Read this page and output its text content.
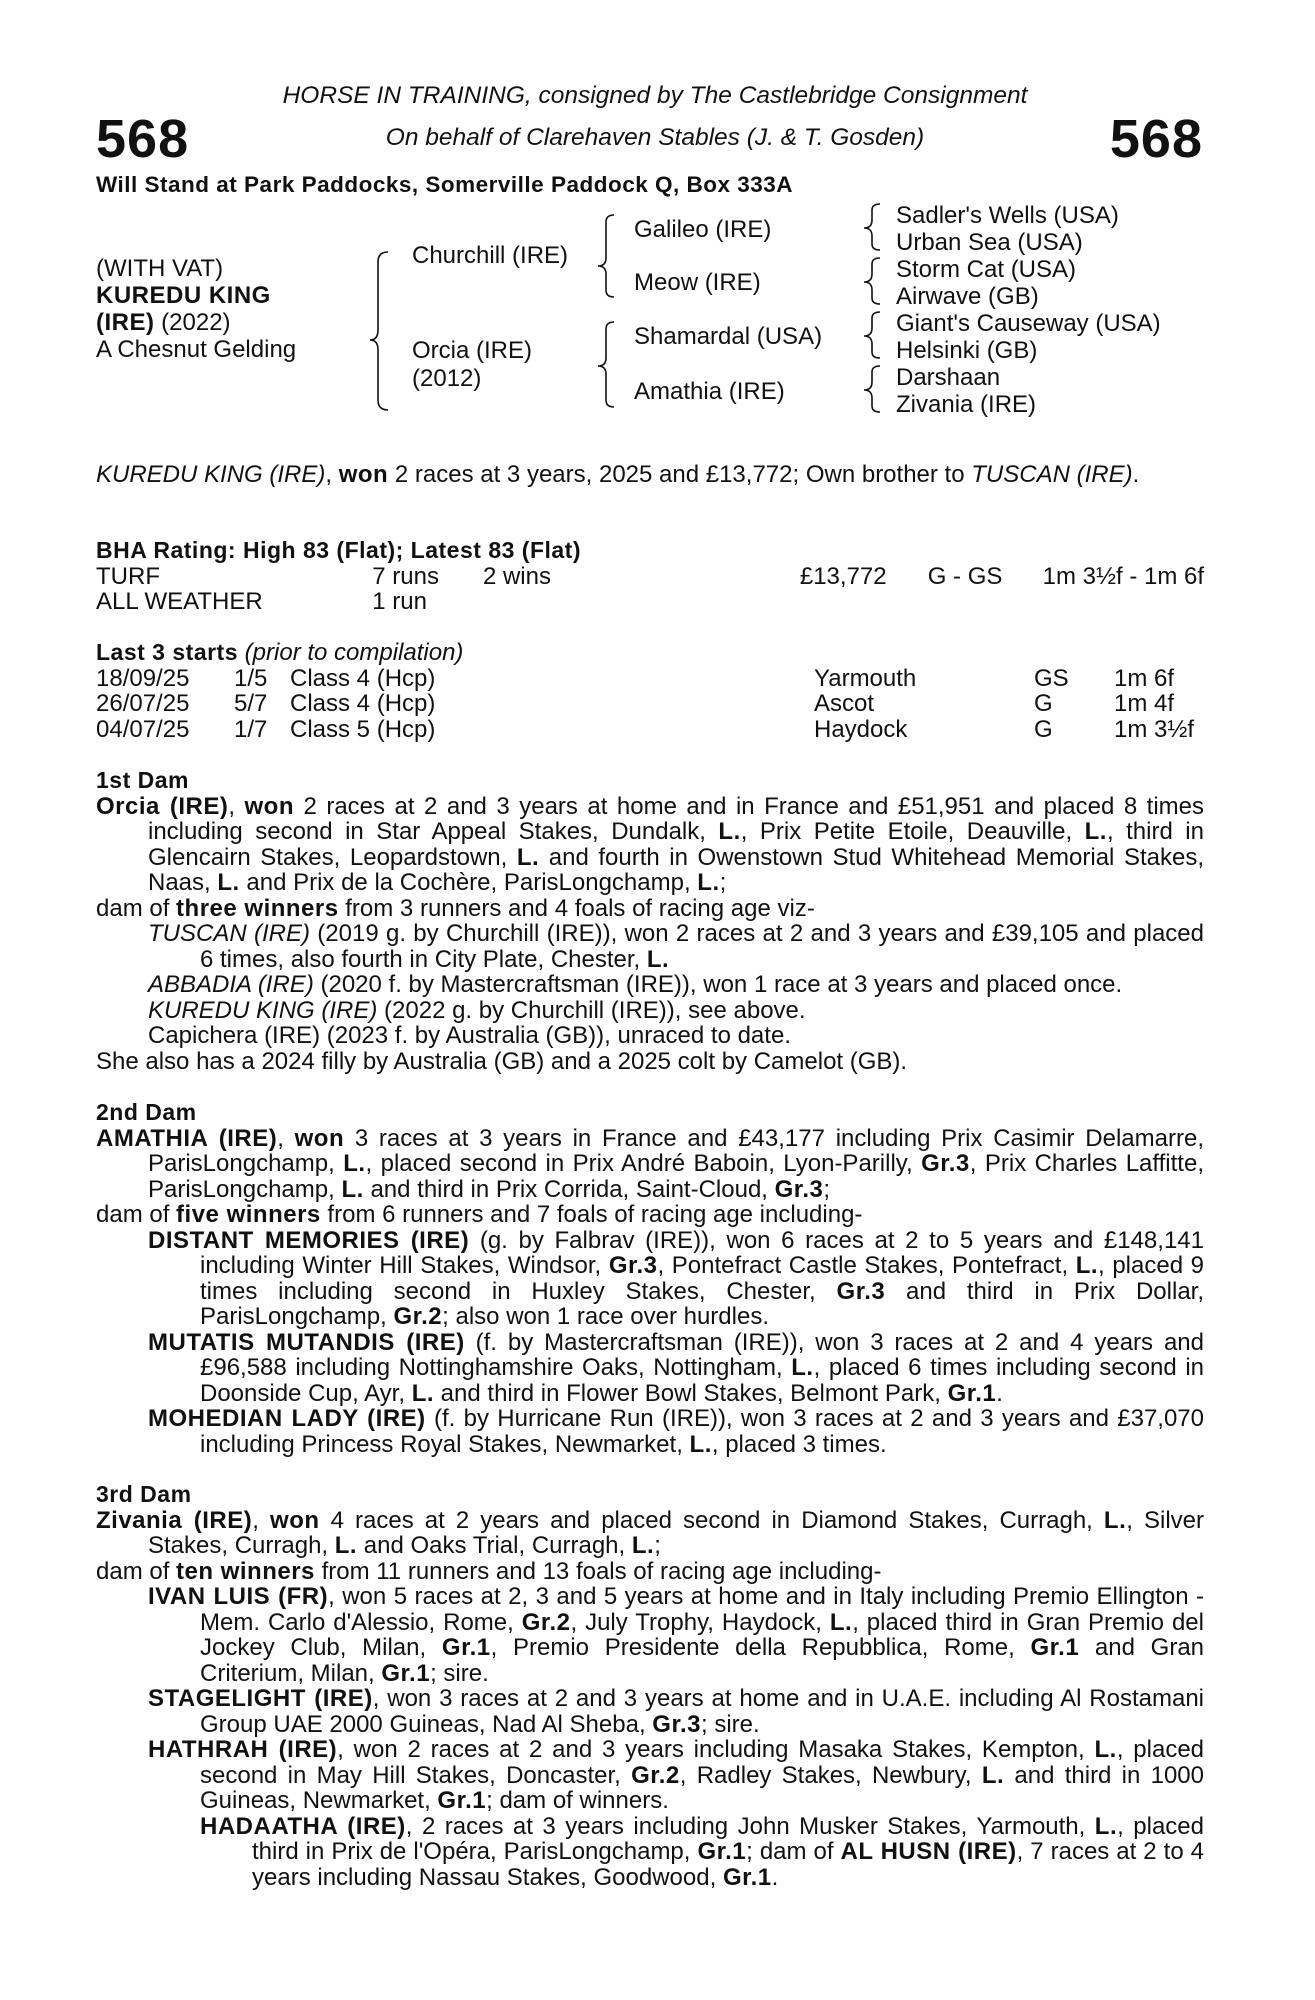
568	568
HORSE IN TRAINING, consigned by The Castlebridge Consignment
On behalf of Clarehaven Stables (J. & T. Gosden)
Will Stand at Park Paddocks, Somerville Paddock Q, Box 333A
(WITH VAT)
KUREDU KING
(IRE) (2022)
A Chesnut Gelding
Churchill (IRE)
Orcia (IRE)
(2012)
Galileo (IRE)
Meow (IRE)
Shamardal (USA)
Amathia (IRE)
Sadler's Wells (USA)
Urban Sea (USA)
Storm Cat (USA)
Airwave (GB)
Giant's Causeway (USA)
Helsinki (GB)
Darshaan
Zivania (IRE)
KUREDU KING (IRE), won 2 races at 3 years, 2025 and £13,772; Own brother to TUSCAN (IRE).
BHA Rating: High 83 (Flat); Latest 83 (Flat)
TURF	7 runs	2 wins	£13,772	G - GS	1m 3½f - 1m 6f
ALL WEATHER	1 run				
Last 3 starts (prior to compilation)
18/09/25	1/5	Class 4 (Hcp)	Yarmouth	GS	1m 6f
26/07/25	5/7	Class 4 (Hcp)	Ascot	G	1m 4f
04/07/25	1/7	Class 5 (Hcp)	Haydock	G	1m 3½f
1st Dam
Orcia (IRE), won 2 races at 2 and 3 years at home and in France and £51,951 and placed 8 times including second in Star Appeal Stakes, Dundalk, L., Prix Petite Etoile, Deauville, L., third in Glencairn Stakes, Leopardstown, L. and fourth in Owenstown Stud Whitehead Memorial Stakes, Naas, L. and Prix de la Cochère, ParisLongchamp, L.;
dam of three winners from 3 runners and 4 foals of racing age viz-
TUSCAN (IRE) (2019 g. by Churchill (IRE)), won 2 races at 2 and 3 years and £39,105 and placed 6 times, also fourth in City Plate, Chester, L.
ABBADIA (IRE) (2020 f. by Mastercraftsman (IRE)), won 1 race at 3 years and placed once.
KUREDU KING (IRE) (2022 g. by Churchill (IRE)), see above.
Capichera (IRE) (2023 f. by Australia (GB)), unraced to date.
She also has a 2024 filly by Australia (GB) and a 2025 colt by Camelot (GB).
2nd Dam
AMATHIA (IRE), won 3 races at 3 years in France and £43,177 including Prix Casimir Delamarre, ParisLongchamp, L., placed second in Prix André Baboin, Lyon-Parilly, Gr.3, Prix Charles Laffitte, ParisLongchamp, L. and third in Prix Corrida, Saint-Cloud, Gr.3;
dam of five winners from 6 runners and 7 foals of racing age including-
DISTANT MEMORIES (IRE) (g. by Falbrav (IRE)), won 6 races at 2 to 5 years and £148,141 including Winter Hill Stakes, Windsor, Gr.3, Pontefract Castle Stakes, Pontefract, L., placed 9 times including second in Huxley Stakes, Chester, Gr.3 and third in Prix Dollar, ParisLongchamp, Gr.2; also won 1 race over hurdles.
MUTATIS MUTANDIS (IRE) (f. by Mastercraftsman (IRE)), won 3 races at 2 and 4 years and £96,588 including Nottinghamshire Oaks, Nottingham, L., placed 6 times including second in Doonside Cup, Ayr, L. and third in Flower Bowl Stakes, Belmont Park, Gr.1.
MOHEDIAN LADY (IRE) (f. by Hurricane Run (IRE)), won 3 races at 2 and 3 years and £37,070 including Princess Royal Stakes, Newmarket, L., placed 3 times.
3rd Dam
Zivania (IRE), won 4 races at 2 years and placed second in Diamond Stakes, Curragh, L., Silver Stakes, Curragh, L. and Oaks Trial, Curragh, L.;
dam of ten winners from 11 runners and 13 foals of racing age including-
IVAN LUIS (FR), won 5 races at 2, 3 and 5 years at home and in Italy including Premio Ellington - Mem. Carlo d'Alessio, Rome, Gr.2, July Trophy, Haydock, L., placed third in Gran Premio del Jockey Club, Milan, Gr.1, Premio Presidente della Repubblica, Rome, Gr.1 and Gran Criterium, Milan, Gr.1; sire.
STAGELIGHT (IRE), won 3 races at 2 and 3 years at home and in U.A.E. including Al Rostamani Group UAE 2000 Guineas, Nad Al Sheba, Gr.3; sire.
HATHRAH (IRE), won 2 races at 2 and 3 years including Masaka Stakes, Kempton, L., placed second in May Hill Stakes, Doncaster, Gr.2, Radley Stakes, Newbury, L. and third in 1000 Guineas, Newmarket, Gr.1; dam of winners.
HADAATHA (IRE), 2 races at 3 years including John Musker Stakes, Yarmouth, L., placed third in Prix de l'Opéra, ParisLongchamp, Gr.1; dam of AL HUSN (IRE), 7 races at 2 to 4 years including Nassau Stakes, Goodwood, Gr.1.
